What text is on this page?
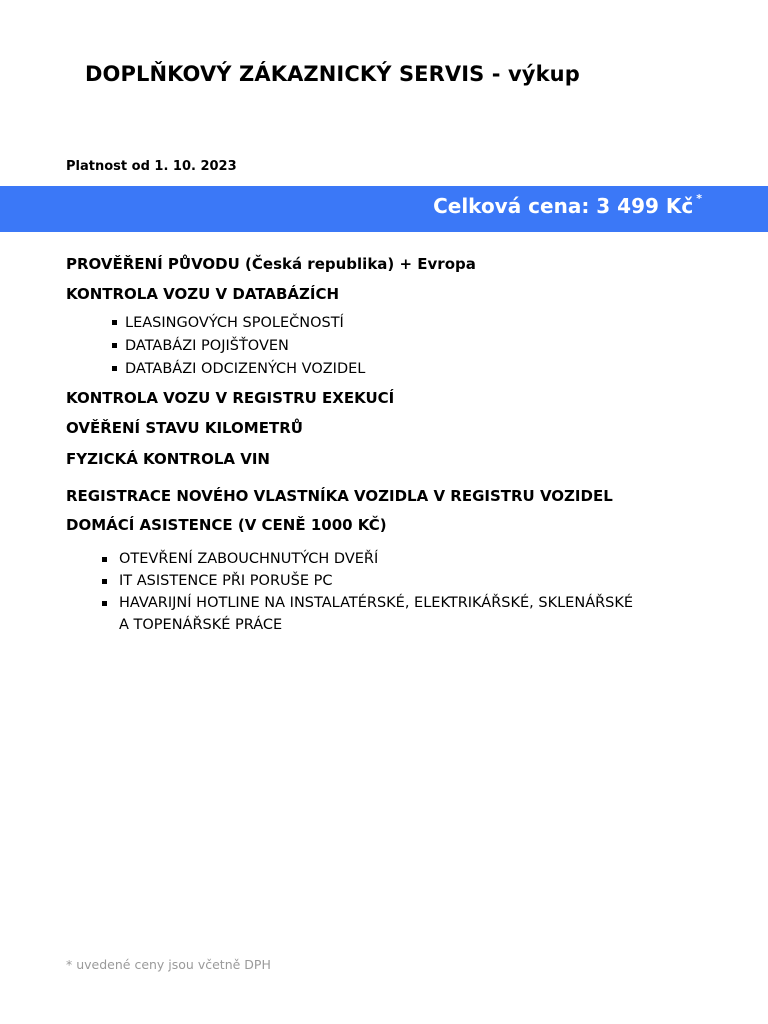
DOPLŇKOVÝ ZÁKAZNICKÝ SERVIS - výkup
Platnost od 1. 10. 2023
Celková cena: 3 499 Kč *
PROVĚŘENÍ PŮVODU (Česká republika) + Evropa
KONTROLA VOZU V DATABÁZÍCH
LEASINGOVÝCH SPOLEČNOSTÍ
DATABÁZI POJIŠŤOVEN
DATABÁZI ODCIZENÝCH VOZIDEL
KONTROLA VOZU V REGISTRU EXEKUCÍ
OVĚŘENÍ STAVU KILOMETRŮ
FYZICKÁ KONTROLA VIN
REGISTRACE NOVÉHO VLASTNÍKA VOZIDLA V REGISTRU VOZIDEL
DOMÁCÍ ASISTENCE (V CENĚ 1000 KČ)
OTEVŘENÍ ZABOUCHNUTÝCH DVEŘÍ
IT ASISTENCE PŘI PORUŠE PC
HAVARIJNÍ HOTLINE NA INSTALATÉRSKÉ, ELEKTRIKÁŘSKÉ, SKLENÁŘSKÉ A TOPENÁŘSKÉ PRÁCE
* uvedené ceny jsou včetně DPH
